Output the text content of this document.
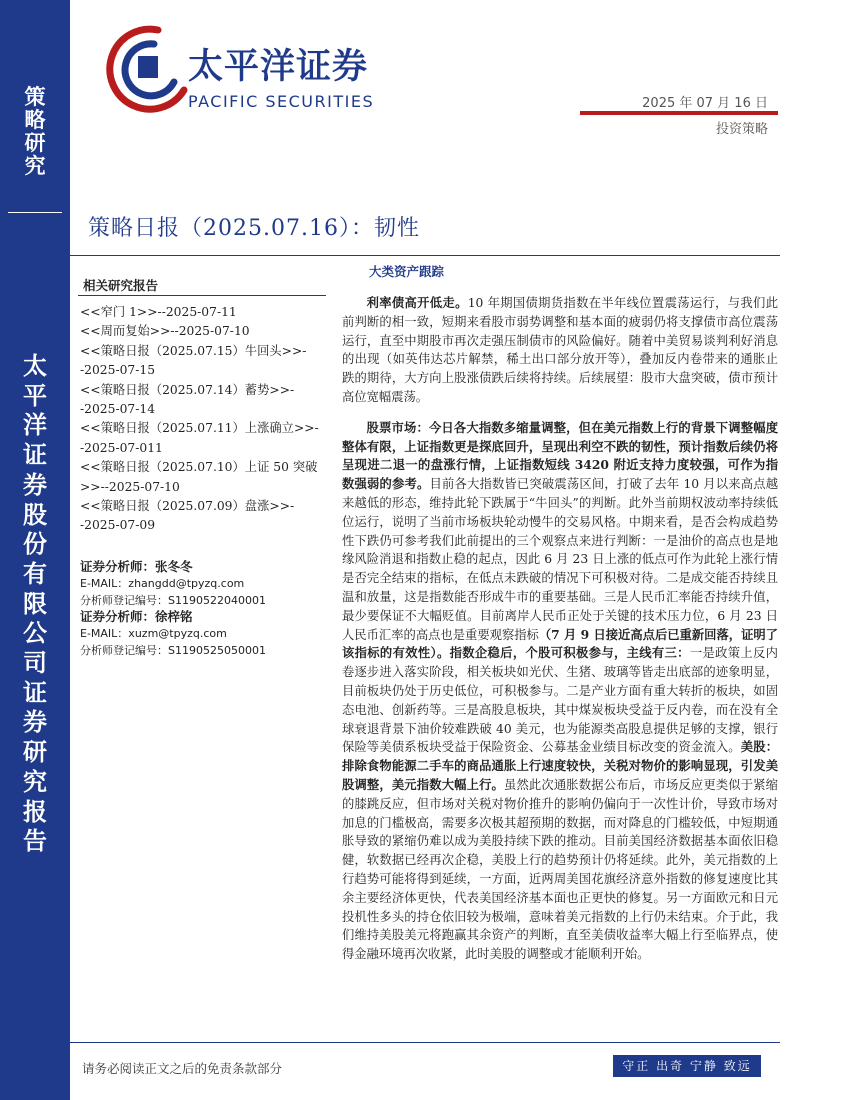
策略研究
太平洋证券股份有限公司证券研究报告
太平洋证券
PACIFIC SECURITIES	2025 年 07 月 16 日
投资策略
策略日报（2025.07.16）：韧性
相关研究报告

<<窄门 1>>--2025-07-11

<<周而复始>>--2025-07-10

<<策略日报（2025.07.15）牛回头>>--2025-07-15

<<策略日报（2025.07.14）蓄势>>--2025-07-14

<<策略日报（2025.07.11）上涨确立>>--2025-07-011

<<策略日报（2025.07.10）上证 50 突破>>--2025-07-10

<<策略日报（2025.07.09）盘涨>>--2025-07-09

证券分析师：张冬冬
E-MAIL：zhangdd@tpyzq.com
分析师登记编号：S1190522040001
证券分析师：徐梓铭
E-MAIL：xuzm@tpyzq.com
分析师登记编号：S1190525050001
大类资产跟踪

利率债高开低走。10 年期国债期货指数在半年线位置震荡运行，与我们此前判断的相一致，短期来看股市弱势调整和基本面的疲弱仍将支撑债市高位震荡运行，直至中期股市再次走强压制债市的风险偏好。随着中美贸易谈判利好消息的出现（如英伟达芯片解禁，稀土出口部分放开等），叠加反内卷带来的通胀止跌的期待，大方向上股涨债跌后续将持续。后续展望：股市大盘突破，债市预计高位宽幅震荡。

股票市场：今日各大指数多缩量调整，但在美元指数上行的背景下调整幅度整体有限，上证指数更是探底回升，呈现出利空不跌的韧性，预计指数后续仍将呈现进二退一的盘涨行情，上证指数短线 3420 附近支持力度较强，可作为指数强弱的参考。目前各大指数皆已突破震荡区间，打破了去年 10 月以来高点越来越低的形态，维持此轮下跌属于“牛回头”的判断。此外当前期权波动率持续低位运行，说明了当前市场板块轮动慢牛的交易风格。中期来看，是否会构成趋势性下跌仍可参考我们此前提出的三个观察点来进行判断：一是油价的高点也是地缘风险消退和指数止稳的起点，因此 6 月 23 日上涨的低点可作为此轮上涨行情是否完全结束的指标，在低点未跌破的情况下可积极对待。二是成交能否持续且温和放量，这是指数能否形成牛市的重要基础。三是人民币汇率能否持续升值，最少要保证不大幅贬值。目前离岸人民币正处于关键的技术压力位，6 月 23 日人民币汇率的高点也是重要观察指标（7 月 9 日接近高点后已重新回落，证明了该指标的有效性）。指数企稳后，个股可积极参与，主线有三：一是政策上反内卷逐步进入落实阶段，相关板块如光伏、生猪、玻璃等皆走出底部的迹象明显，目前板块仍处于历史低位，可积极参与。二是产业方面有重大转折的板块，如固态电池、创新药等。三是高股息板块，其中煤炭板块受益于反内卷，而在没有全球衰退背景下油价较难跌破 40 美元，也为能源类高股息提供足够的支撑，银行保险等美债系板块受益于保险资金、公募基金业绩目标改变的资金流入。美股：排除食物能源二手车的商品通胀上行速度较快，关税对物价的影响显现，引发美股调整，美元指数大幅上行。虽然此次通胀数据公布后，市场反应更类似于紧缩的膝跳反应，但市场对关税对物价推升的影响仍偏向于一次性计价，导致市场对加息的门槛极高，需要多次极其超预期的数据，而对降息的门槛较低，中短期通胀导致的紧缩仍难以成为美股持续下跌的推动。目前美国经济数据基本面依旧稳健，软数据已经再次企稳，美股上行的趋势预计仍将延续。此外，美元指数的上行趋势可能将得到延续，一方面，近两周美国花旗经济意外指数的修复速度比其余主要经济体更快，代表美国经济基本面也正更快的修复。另一方面欧元和日元投机性多头的持仓依旧较为极端，意味着美元指数的上行仍未结束。介于此，我们维持美股美元将跑赢其余资产的判断，直至美债收益率大幅上行至临界点，使得金融环境再次收紧，此时美股的调整或才能顺利开始。

请务必阅读正文之后的免责条款部分	守正 出奇 宁静 致远
